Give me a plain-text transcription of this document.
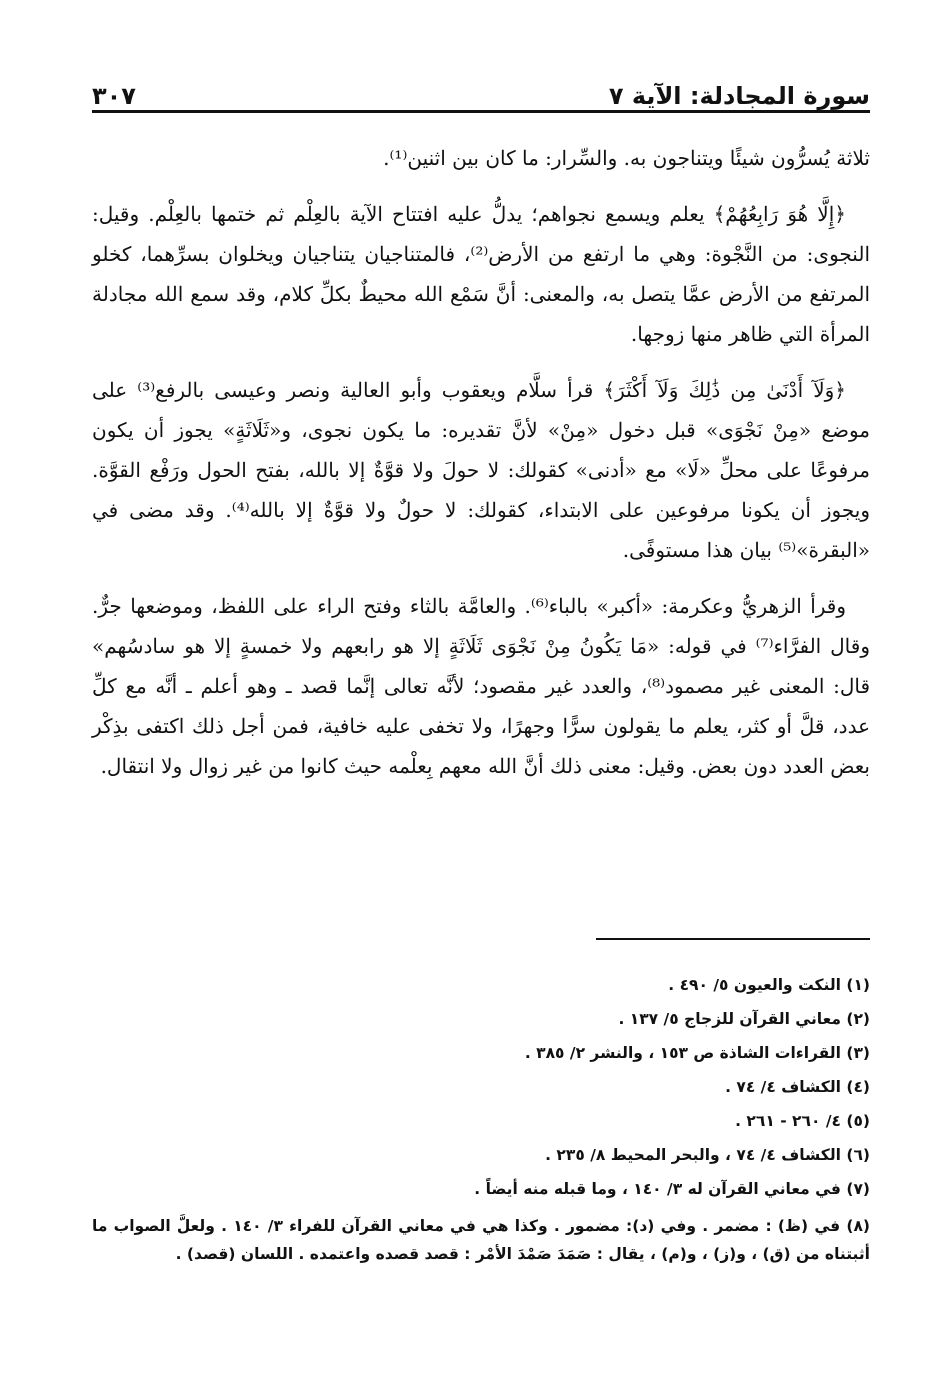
سورة المجادلة: الآية ٧
٣٠٧

ثلاثة يُسرُّون شيئًا ويتناجون به. والسِّرار: ما كان بين اثنين⁽¹⁾.

﴿إِلَّا هُوَ رَابِعُهُمْ﴾ يعلم ويسمع نجواهم؛ يدلُّ عليه افتتاح الآية بالعِلْم ثم ختمها بالعِلْم. وقيل: النجوى: من النَّجْوة: وهي ما ارتفع من الأرض⁽²⁾، فالمتناجيان يتناجيان ويخلوان بسرِّهما، كخلو المرتفع من الأرض عمَّا يتصل به، والمعنى: أنَّ سَمْع الله محيطٌ بكلِّ كلام، وقد سمع الله مجادلة المرأة التي ظاهر منها زوجها.

﴿وَلَآ أَدْنَىٰ مِن ذَٰلِكَ وَلَآ أَكْثَرَ﴾ قرأ سلَّام ويعقوب وأبو العالية ونصر وعيسى بالرفع⁽³⁾ على موضع «مِنْ نَجْوَى» قبل دخول «مِنْ» لأنَّ تقديره: ما يكون نجوى، و«ثَلَاثَةٍ» يجوز أن يكون مرفوعًا على محلِّ «لَا» مع «أدنى» كقولك: لا حولَ ولا قوَّةٌ إلا بالله، بفتح الحول ورَفْع القوَّة. ويجوز أن يكونا مرفوعين على الابتداء، كقولك: لا حولٌ ولا قوَّةٌ إلا بالله⁽⁴⁾. وقد مضى في «البقرة»⁽⁵⁾ بيان هذا مستوفًى.

وقرأ الزهريُّ وعكرمة: «أكبر» بالباء⁽⁶⁾. والعامَّة بالثاء وفتح الراء على اللفظ، وموضعها جرٌّ. وقال الفرَّاء⁽⁷⁾ في قوله: «مَا يَكُونُ مِنْ نَجْوَى ثَلَاثَةٍ إلا هو رابعهم ولا خمسةٍ إلا هو سادسُهم» قال: المعنى غير مصمود⁽⁸⁾، والعدد غير مقصود؛ لأنَّه تعالى إنَّما قصد ـ وهو أعلم ـ أنَّه مع كلِّ عدد، قلَّ أو كثر، يعلم ما يقولون سرًّا وجهرًا، ولا تخفى عليه خافية، فمن أجل ذلك اكتفى بذِكْر بعض العدد دون بعض. وقيل: معنى ذلك أنَّ الله معهم بِعلْمه حيث كانوا من غير زوال ولا انتقال.

(١) النكت والعيون ٥/ ٤٩٠ .

(٢) معاني القرآن للزجاج ٥/ ١٣٧ .

(٣) القراءات الشاذة ص ١٥٣ ، والنشر ٢/ ٣٨٥ .

(٤) الكشاف ٤/ ٧٤ .

(٥) ٤/ ٢٦٠ - ٢٦١ .

(٦) الكشاف ٤/ ٧٤ ، والبحر المحيط ٨/ ٢٣٥ .

(٧) في معاني القرآن له ٣/ ١٤٠ ، وما قبله منه أيضاً .

(٨) في (ظ) : مضمر . وفي (د): مضمور . وكذا هي في معاني القرآن للفراء ٣/ ١٤٠ . ولعلَّ الصواب ما أثبتناه من (ق) ، و(ز) ، و(م) ، يقال : صَمَدَ صَمْدَ الأمْر : قصد قصده واعتمده . اللسان (قصد) .
